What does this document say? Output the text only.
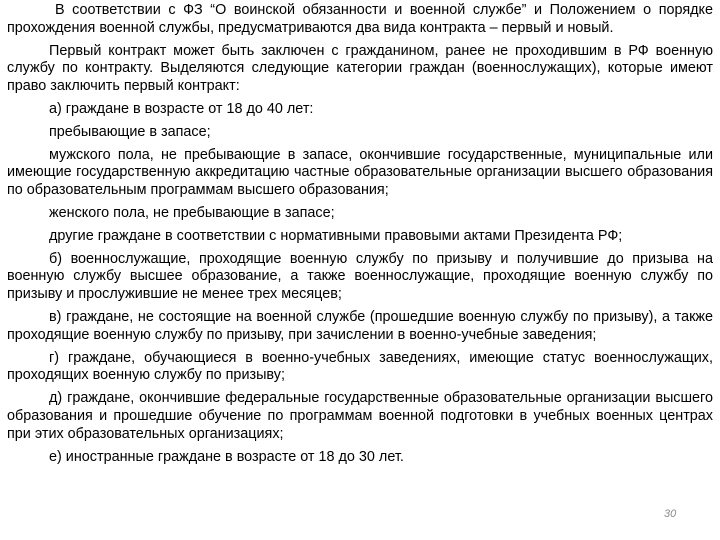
В соответствии с ФЗ “О воинской обязанности и военной службе” и Положением о порядке прохождения военной службы, предусматриваются два вида контракта – первый и новый.

Первый контракт может быть заключен с гражданином, ранее не проходившим в РФ военную службу по контракту. Выделяются следующие категории граждан (военнослужащих), которые имеют право заключить первый контракт:

а) граждане в возрасте от 18 до 40 лет:

пребывающие в запасе;

мужского пола, не пребывающие в запасе, окончившие государственные, муниципальные или имеющие государственную аккредитацию частные образовательные организации высшего образования по образовательным программам высшего образования;

женского пола, не пребывающие в запасе;

другие граждане в соответствии с нормативными правовыми актами Президента РФ;

б) военнослужащие, проходящие военную службу по призыву и получившие до призыва на военную службу высшее образование, а также военнослужащие, проходящие военную службу по призыву и прослужившие не менее трех месяцев;

в) граждане, не состоящие на военной службе (прошедшие военную службу по призыву), а также проходящие военную службу по призыву, при зачислении в военно-учебные заведения;

г) граждане, обучающиеся в военно-учебных заведениях, имеющие статус военнослужащих, проходящих военную службу по призыву;

д) граждане, окончившие федеральные государственные образовательные организации высшего образования и прошедшие обучение по программам военной подготовки в учебных военных центрах при этих образовательных организациях;

е) иностранные граждане в возрасте от 18 до 30 лет.

30
